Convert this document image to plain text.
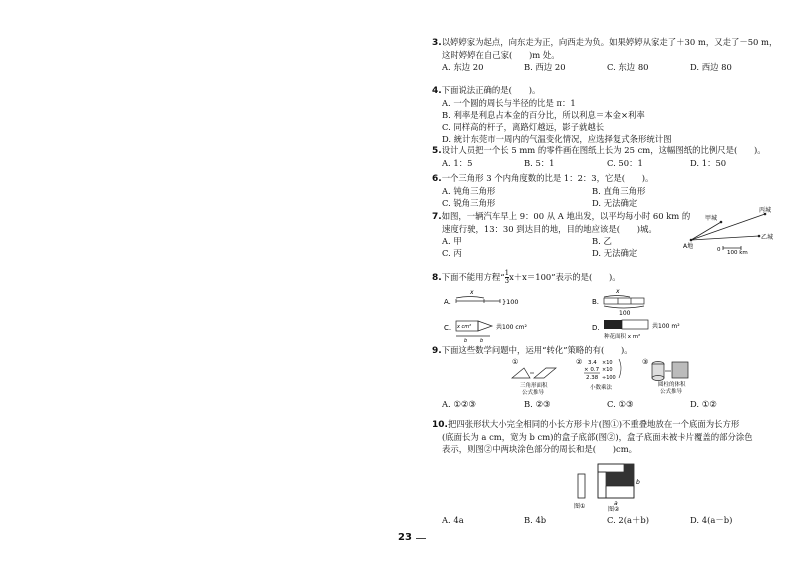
3.以婷婷家为起点，向东走为正，向西走为负。如果婷婷从家走了＋30 m，又走了－50 m，
这时婷婷在自己家(　　)m 处。
A. 东边 20	B. 西边 20	C. 东边 80	D. 西边 80
4.下面说法正确的是(　　)。
A. 一个圆的周长与半径的比是 π：1
B. 利率是利息占本金的百分比，所以利息＝本金×利率
C. 同样高的杆子，离路灯越远，影子就越长
D. 統计东莞市一周内的气温变化情况，应选择复式条形统计图
5.设计人员把一个长 5 mm 的零件画在图纸上长为 25 cm，这幅图纸的比例尺是(　　)。
A. 1：5	B. 5：1	C. 50：1	D. 1：50
6.一个三角形 3 个内角度数的比是 1：2：3，它是(　　)。
A. 钝角三角形	B. 直角三角形
C. 锐角三角形	D. 无法确定
7.如图，一辆汽车早上 9：00 从 A 地出发，以平均每小时 60 km 的
速度行驶，13：30 到达目的地，目的地应该是(　　)城。
A. 甲	B. 乙
C. 丙	D. 无法确定
A地
甲城
丙城
乙城
0 100 km
8.下面不能用方程“ $\frac{1}{3} x+x=100$”表示的是(　　)。
A.
x
}100	B.
x
100
C. x cm²	共100 cm²
b	b
D.	共100 m²
种花面积 x m²
9.下面这些数学问题中，运用“转化”策略的有(　　)。
①
三角形面积
公式推导
② 3.4 ×10
× 0.7 ×10
2.38 ÷100
小数乘法
③
圆柱的体积
公式推导
A. ①②③	B. ②③	C. ①③	D. ①②
10.把四张形状大小完全相同的小长方形卡片(图①)不重叠地放在一个底面为长方形
(底面长为 a cm，宽为 b cm)的盒子底部(图②)，盒子底面未被卡片覆盖的部分涂色
表示，则图②中两块涂色部分的周长和是(　　)cm。
图①
b
a
图②
A. 4a	B. 4b	C. 2(a＋b)	D. 4(a－b)
23
